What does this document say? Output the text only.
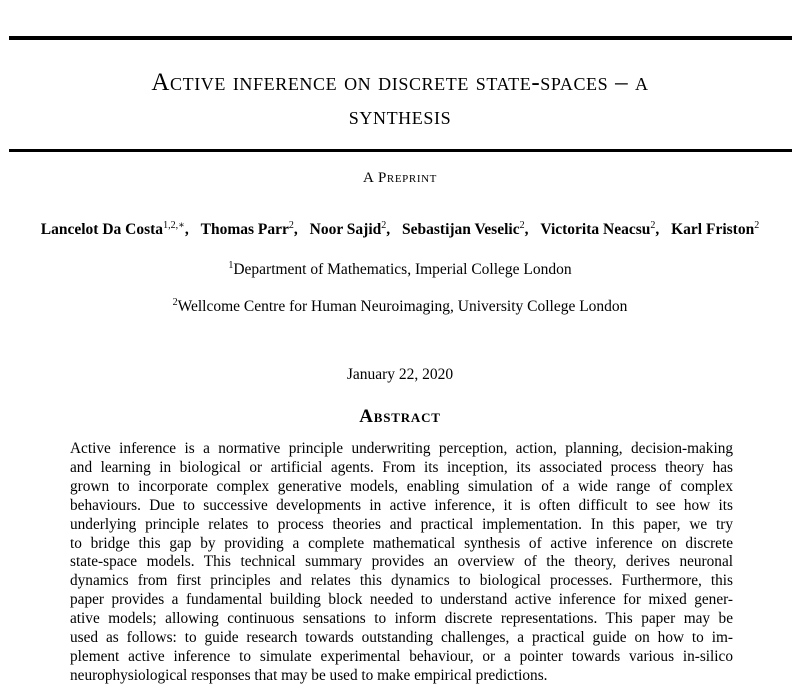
Active inference on discrete state-spaces – a
synthesis
A Preprint
Lancelot Da Costa$^{1,2,∗}$, Thomas Parr$^2$, Noor Sajid$^2$, Sebastijan Veselic$^2$, Victorita Neacsu$^2$, Karl Friston$^2$
$^1$Department of Mathematics, Imperial College London
$^2$Wellcome Centre for Human Neuroimaging, University College London
January 22, 2020
Abstract
Active inference is a normative principle underwriting perception, action, planning, decision-making
and learning in biological or artificial agents. From its inception, its associated process theory has
grown to incorporate complex generative models, enabling simulation of a wide range of complex
behaviours. Due to successive developments in active inference, it is often difficult to see how its
underlying principle relates to process theories and practical implementation. In this paper, we try
to bridge this gap by providing a complete mathematical synthesis of active inference on discrete
state-space models. This technical summary provides an overview of the theory, derives neuronal
dynamics from first principles and relates this dynamics to biological processes. Furthermore, this
paper provides a fundamental building block needed to understand active inference for mixed gener-
ative models; allowing continuous sensations to inform discrete representations. This paper may be
used as follows: to guide research towards outstanding challenges, a practical guide on how to im-
plement active inference to simulate experimental behaviour, or a pointer towards various in-silico
neurophysiological responses that may be used to make empirical predictions.
